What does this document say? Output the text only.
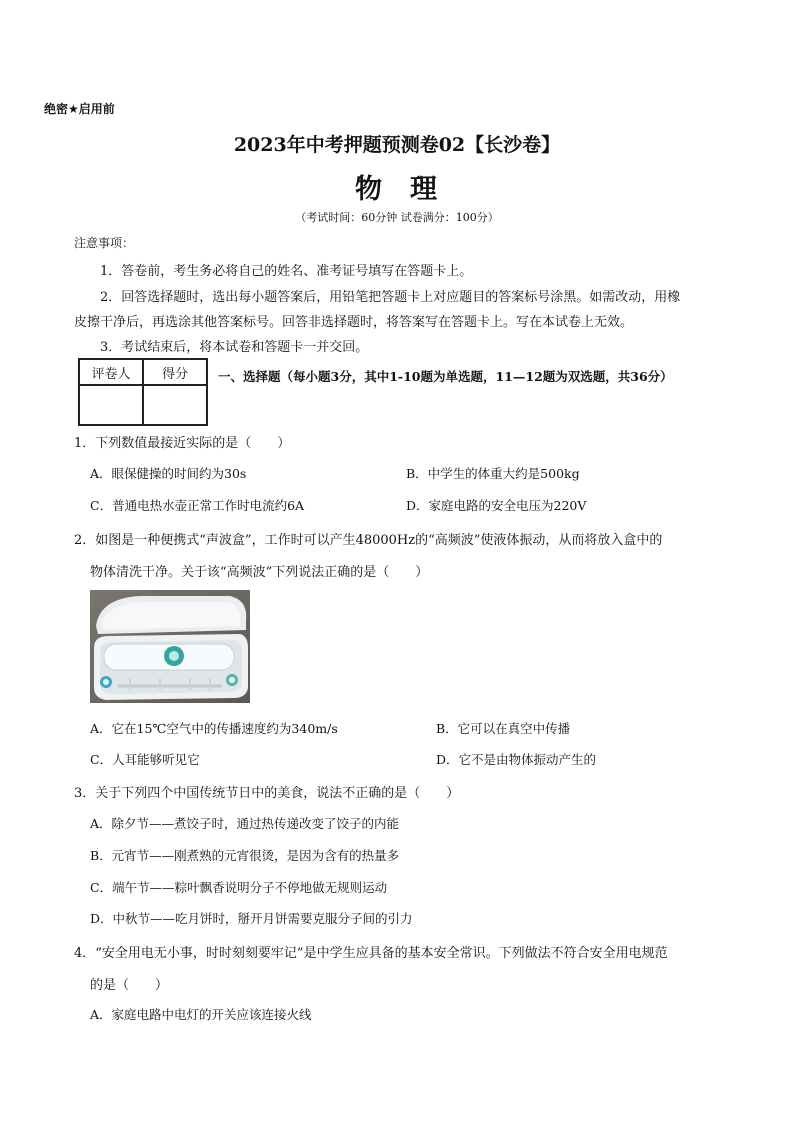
绝密★启用前
2023年中考押题预测卷02【长沙卷】
物 理
（考试时间：60分钟 试卷满分：100分）
注意事项：
1．答卷前，考生务必将自己的姓名、准考证号填写在答题卡上。
2．回答选择题时，选出每小题答案后，用铅笔把答题卡上对应题目的答案标号涂黑。如需改动，用橡
皮擦干净后，再选涂其他答案标号。回答非选择题时，将答案写在答题卡上。写在本试卷上无效。
3．考试结束后，将本试卷和答题卡一并交回。
评卷人	得分
	一、选择题（每小题3分，其中1-10题为单选题，11—12题为双选题，共36分）
1．下列数值最接近实际的是（　　）
A．眼保健操的时间约为30s	B．中学生的体重大约是500kg
C．普通电热水壶正常工作时电流约6A	D．家庭电路的安全电压为220V
2．如图是一种便携式“声波盒”，工作时可以产生48000Hz的“高频波”使液体振动，从而将放入盒中的
物体清洗干净。关于该“高频波”下列说法正确的是（　　）
A．它在15℃空气中的传播速度约为340m/s	B．它可以在真空中传播
C．人耳能够听见它	D．它不是由物体振动产生的
3．关于下列四个中国传统节日中的美食，说法不正确的是（　　）
A．除夕节——煮饺子时，通过热传递改变了饺子的内能
B．元宵节——刚煮熟的元宵很烫，是因为含有的热量多
C．端午节——粽叶飘香说明分子不停地做无规则运动
D．中秋节——吃月饼时，掰开月饼需要克服分子间的引力
4．“安全用电无小事，时时刻刻要牢记”是中学生应具备的基本安全常识。下列做法不符合安全用电规范
的是（　　）
A．家庭电路中电灯的开关应该连接火线
